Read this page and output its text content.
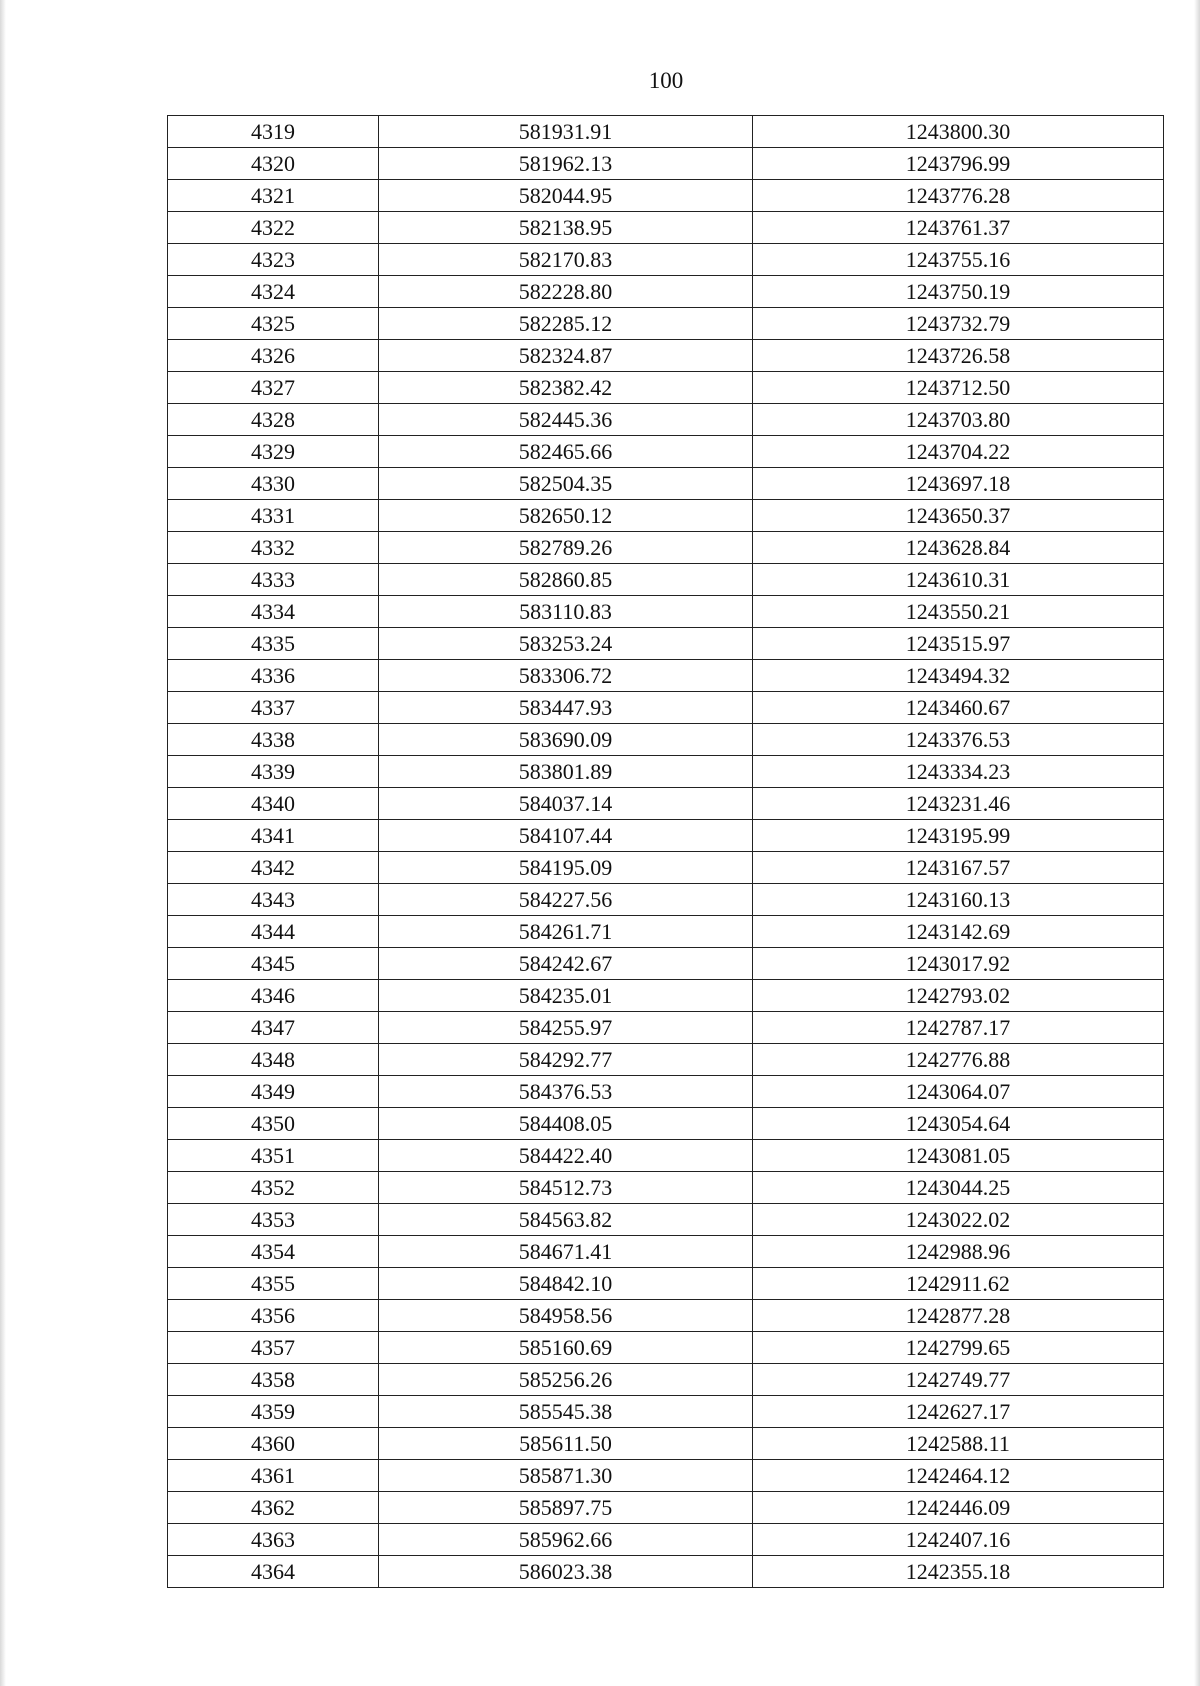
100
4319	581931.91	1243800.30
4320	581962.13	1243796.99
4321	582044.95	1243776.28
4322	582138.95	1243761.37
4323	582170.83	1243755.16
4324	582228.80	1243750.19
4325	582285.12	1243732.79
4326	582324.87	1243726.58
4327	582382.42	1243712.50
4328	582445.36	1243703.80
4329	582465.66	1243704.22
4330	582504.35	1243697.18
4331	582650.12	1243650.37
4332	582789.26	1243628.84
4333	582860.85	1243610.31
4334	583110.83	1243550.21
4335	583253.24	1243515.97
4336	583306.72	1243494.32
4337	583447.93	1243460.67
4338	583690.09	1243376.53
4339	583801.89	1243334.23
4340	584037.14	1243231.46
4341	584107.44	1243195.99
4342	584195.09	1243167.57
4343	584227.56	1243160.13
4344	584261.71	1243142.69
4345	584242.67	1243017.92
4346	584235.01	1242793.02
4347	584255.97	1242787.17
4348	584292.77	1242776.88
4349	584376.53	1243064.07
4350	584408.05	1243054.64
4351	584422.40	1243081.05
4352	584512.73	1243044.25
4353	584563.82	1243022.02
4354	584671.41	1242988.96
4355	584842.10	1242911.62
4356	584958.56	1242877.28
4357	585160.69	1242799.65
4358	585256.26	1242749.77
4359	585545.38	1242627.17
4360	585611.50	1242588.11
4361	585871.30	1242464.12
4362	585897.75	1242446.09
4363	585962.66	1242407.16
4364	586023.38	1242355.18
